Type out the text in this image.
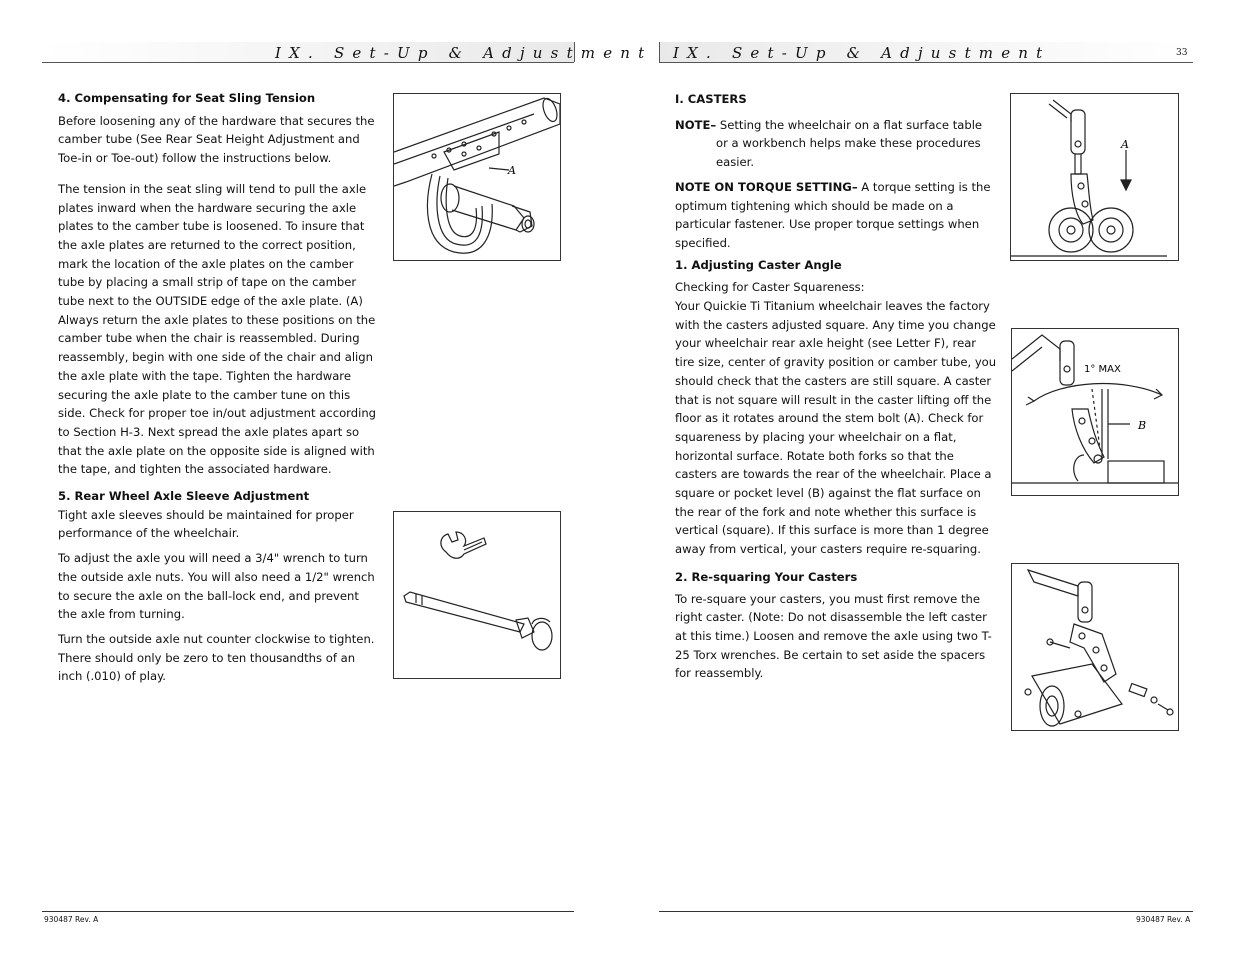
IX. Set-Up & Adjustment

4. Compensating for Seat Sling Tension

Before loosening any of the hardware that secures the camber tube (See Rear Seat Height Adjustment and Toe-in or Toe-out) follow the instructions below.

The tension in the seat sling will tend to pull the axle plates inward when the hardware securing the axle plates to the camber tube is loosened. To insure that the axle plates are returned to the correct position, mark the location of the axle plates on the camber tube by placing a small strip of tape on the camber tube next to the OUTSIDE edge of the axle plate. (A) Always return the axle plates to these positions on the camber tube when the chair is reassembled. During reassembly, begin with one side of the chair and align the axle plate with the tape. Tighten the hardware securing the axle plate to the camber tune on this side. Check for proper toe in/out adjustment according to Section H-3. Next spread the axle plates apart so that the axle plate on the opposite side is aligned with the tape, and tighten the associated hardware.

5. Rear Wheel Axle Sleeve Adjustment

Tight axle sleeves should be maintained for proper performance of the wheelchair.

To adjust the axle you will need a 3/4" wrench to turn the outside axle nuts. You will also need a 1/2" wrench to secure the axle on the ball-lock end, and prevent the axle from turning.

Turn the outside axle nut counter clockwise to tighten. There should only be zero to ten thousandths of an inch (.010) of play.

A
930487 Rev. A
IX. Set-Up & Adjustment	33

I. CASTERS

NOTE– Setting the wheelchair on a flat surface table or a workbench helps make these procedures easier.

NOTE ON TORQUE SETTING– A torque setting is the optimum tightening which should be made on a particular fastener. Use proper torque settings when specified.

1. Adjusting Caster Angle

Checking for Caster Squareness:

Your Quickie Ti Titanium wheelchair leaves the factory with the casters adjusted square. Any time you change your wheelchair rear axle height (see Letter F), rear tire size, center of gravity position or camber tube, you should check that the casters are still square. A caster that is not square will result in the caster lifting off the floor as it rotates around the stem bolt (A). Check for squareness by placing your wheelchair on a flat, horizontal surface. Rotate both forks so that the casters are towards the rear of the wheelchair. Place a square or pocket level (B) against the flat surface on the rear of the fork and note whether this surface is vertical (square). If this surface is more than 1 degree away from vertical, your casters require re-squaring.

2. Re-squaring Your Casters

To re-square your casters, you must first remove the right caster. (Note: Do not disassemble the left caster at this time.) Loosen and remove the axle using two T-25 Torx wrenches. Be certain to set aside the spacers for reassembly.

A
1° MAX
B
930487 Rev. A
